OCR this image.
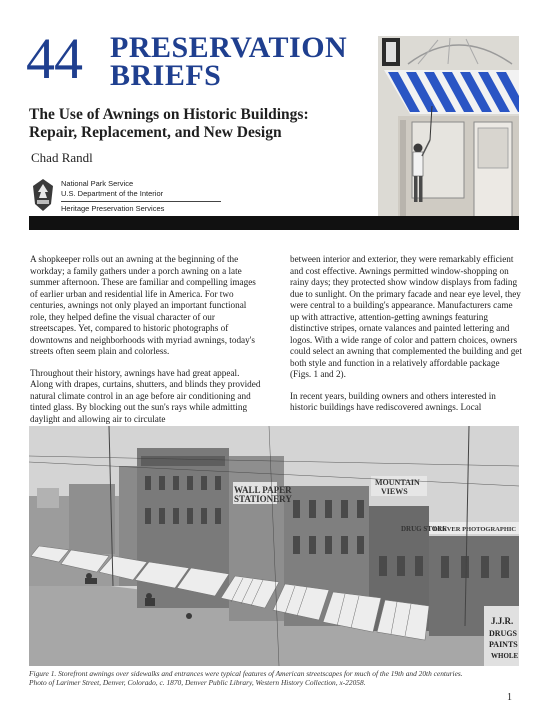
44 PRESERVATION
BRIEFS
The Use of Awnings on Historic Buildings:
Repair, Replacement, and New Design
Chad Randl
National Park Service
U.S. Department of the Interior
Heritage Preservation Services

A shopkeeper rolls out an awning at the beginning of the workday; a family gathers under a porch awning on a late summer afternoon. These are familiar and compelling images of earlier urban and residential life in America. For two centuries, awnings not only played an important functional role, they helped define the visual character of our streetscapes. Yet, compared to historic photographs of downtowns and neighborhoods with myriad awnings, today's streets often seem plain and colorless.

Throughout their history, awnings have had great appeal. Along with drapes, curtains, shutters, and blinds they provided natural climate control in an age before air conditioning and tinted glass. By blocking out the sun's rays while admitting daylight and allowing air to circulate

between interior and exterior, they were remarkably efficient and cost effective. Awnings permitted window-shopping on rainy days; they protected show window displays from fading due to sunlight. On the primary facade and near eye level, they were central to a building's appearance. Manufacturers came up with attractive, attention-getting awnings featuring distinctive stripes, ornate valances and painted lettering and logos. With a wide range of color and pattern choices, owners could select an awning that complemented the building and get both style and function in a relatively affordable package (Figs. 1 and 2).

In recent years, building owners and others interested in historic buildings have rediscovered awnings. Local

WALL PAPER
STATIONERY
MOUNTAIN
VIEWS
DRUG STORE
DENVER PHOTOGRAPHIC
J.J.R.
DRUGS
PAINTS
WHOLE
Figure 1. Storefront awnings over sidewalks and entrances were typical features of American streetscapes for much of the 19th and 20th centuries.
Photo of Larimer Street, Denver, Colorado, c. 1870, Denver Public Library, Western History Collection, x-22058.
1
